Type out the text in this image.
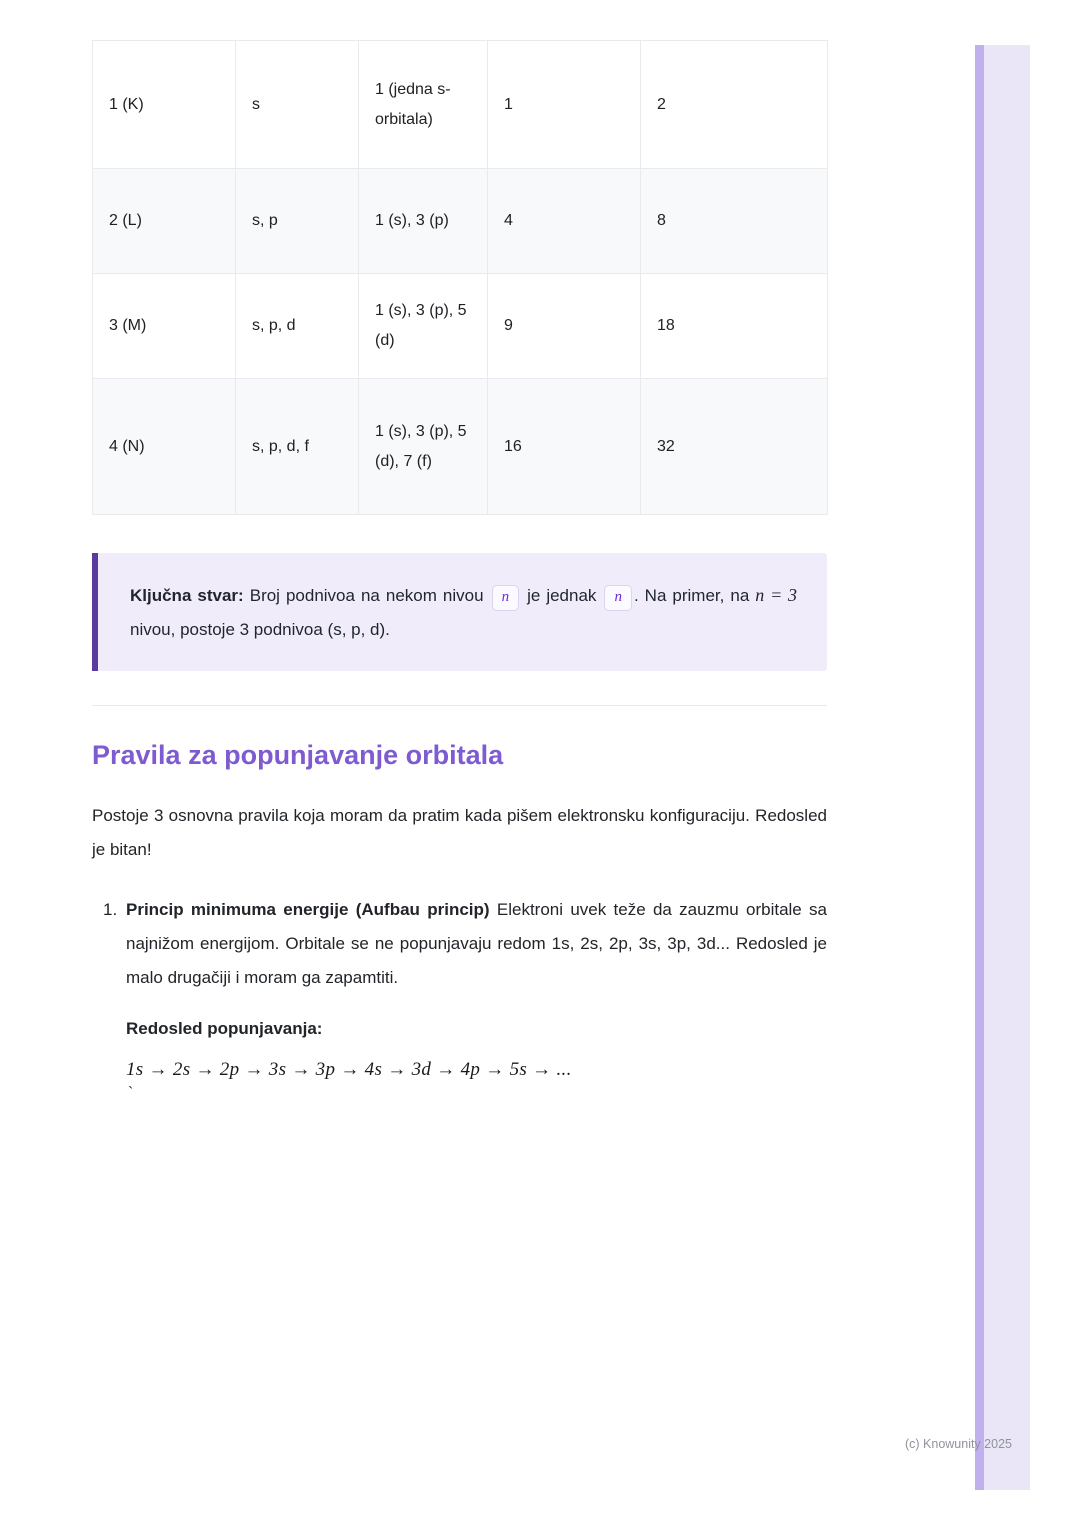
1 (K)	s	1 (jedna s-orbitala)	1	2
2 (L)	s, p	1 (s), 3 (p)	4	8
3 (M)	s, p, d	1 (s), 3 (p), 5 (d)	9	18
4 (N)	s, p, d, f	1 (s), 3 (p), 5 (d), 7 (f)	16	32
Ključna stvar: Broj podnivoa na nekom nivou n je jednak n . Na primer, na n = 3 nivou, postoje 3 podnivoa (s, p, d).
Pravila za popunjavanje orbitala

Postoje 3 osnovna pravila koja moram da pratim kada pišem elektronsku konfiguraciju. Redosled je bitan!

1. Princip minimuma energije (Aufbau princip) Elektroni uvek teže da zauzmu orbitale sa najnižom energijom. Orbitale se ne popunjavaju redom 1s, 2s, 2p, 3s, 3p, 3d... Redosled je malo drugačiji i moram ga zapamtiti.
Redosled popunjavanja:
1s → 2s → 2p → 3s → 3p → 4s → 3d → 4p → 5s → ...
`
(c) Knowunity 2025
